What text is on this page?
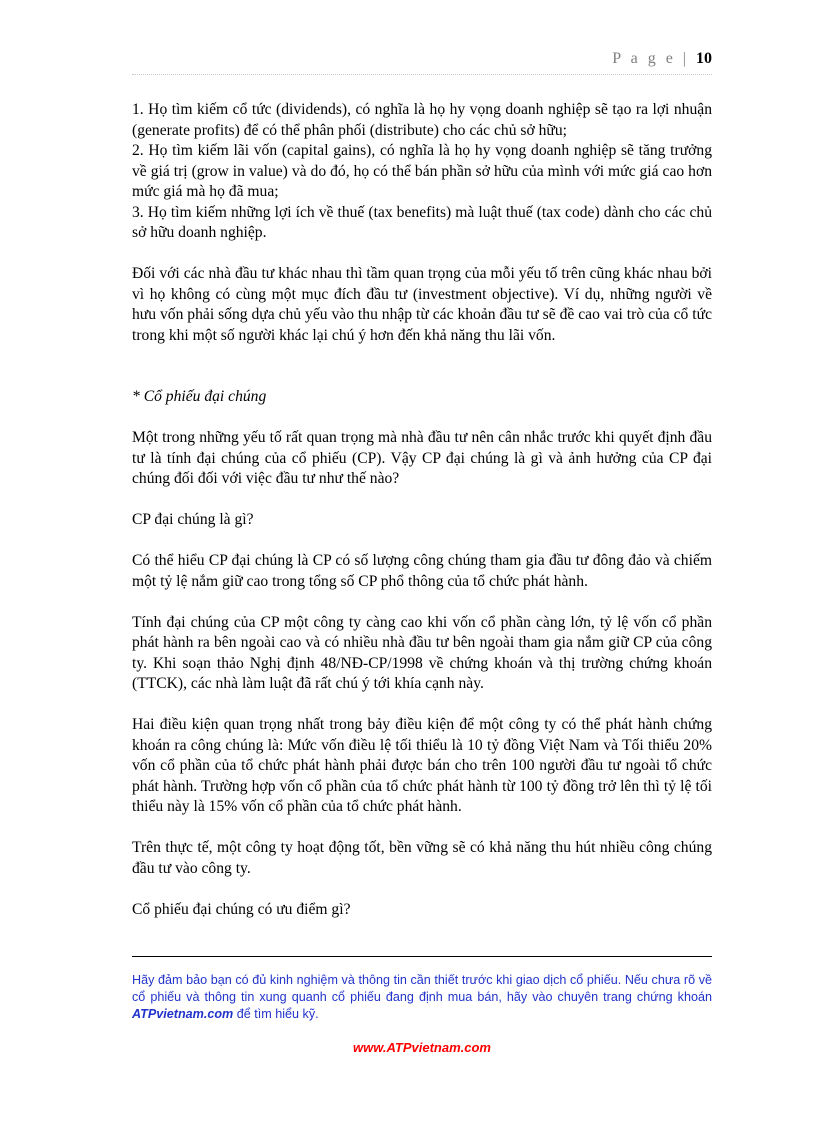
P a g e | 10

1. Họ tìm kiếm cổ tức (dividends), có nghĩa là họ hy vọng doanh nghiệp sẽ tạo ra lợi nhuận (generate profits) để có thể phân phối (distribute) cho các chủ sở hữu;

2. Họ tìm kiếm lãi vốn (capital gains), có nghĩa là họ hy vọng doanh nghiệp sẽ tăng trưởng về giá trị (grow in value) và do đó, họ có thể bán phần sở hữu của mình với mức giá cao hơn mức giá mà họ đã mua;

3. Họ tìm kiếm những lợi ích về thuế (tax benefits) mà luật thuế (tax code) dành cho các chủ sở hữu doanh nghiệp.

Đối với các nhà đầu tư khác nhau thì tầm quan trọng của mỗi yếu tố trên cũng khác nhau bởi vì họ không có cùng một mục đích đầu tư (investment objective). Ví dụ, những người về hưu vốn phải sống dựa chủ yếu vào thu nhập từ các khoản đầu tư sẽ đề cao vai trò của cổ tức trong khi một số người khác lại chú ý hơn đến khả năng thu lãi vốn.

* Cổ phiếu đại chúng

Một trong những yếu tố rất quan trọng mà nhà đầu tư nên cân nhắc trước khi quyết định đầu tư là tính đại chúng của cổ phiếu (CP). Vậy CP đại chúng là gì và ảnh hưởng của CP đại chúng đối đối với việc đầu tư như thế nào?

CP đại chúng là gì?

Có thể hiểu CP đại chúng là CP có số lượng công chúng tham gia đầu tư đông đảo và chiếm một tỷ lệ nắm giữ cao trong tổng số CP phổ thông của tổ chức phát hành.

Tính đại chúng của CP một công ty càng cao khi vốn cổ phần càng lớn, tỷ lệ vốn cổ phần phát hành ra bên ngoài cao và có nhiều nhà đầu tư bên ngoài tham gia nắm giữ CP của công ty. Khi soạn thảo Nghị định 48/NĐ-CP/1998 về chứng khoán và thị trường chứng khoán (TTCK), các nhà làm luật đã rất chú ý tới khía cạnh này.

Hai điều kiện quan trọng nhất trong bảy điều kiện để một công ty có thể phát hành chứng khoán ra công chúng là: Mức vốn điều lệ tối thiểu là 10 tỷ đồng Việt Nam và Tối thiểu 20% vốn cổ phần của tổ chức phát hành phải được bán cho trên 100 người đầu tư ngoài tổ chức phát hành. Trường hợp vốn cổ phần của tổ chức phát hành từ 100 tỷ đồng trở lên thì tỷ lệ tối thiểu này là 15% vốn cổ phần của tổ chức phát hành.

Trên thực tế, một công ty hoạt động tốt, bền vững sẽ có khả năng thu hút nhiều công chúng đầu tư vào công ty.

Cổ phiếu đại chúng có ưu điểm gì?

Hãy đảm bảo bạn có đủ kinh nghiệm và thông tin cần thiết trước khi giao dịch cổ phiếu. Nếu chưa rõ về cổ phiếu và thông tin xung quanh cổ phiếu đang định mua bán, hãy vào chuyên trang chứng khoán ATPvietnam.com để tìm hiểu kỹ.
www.ATPvietnam.com
